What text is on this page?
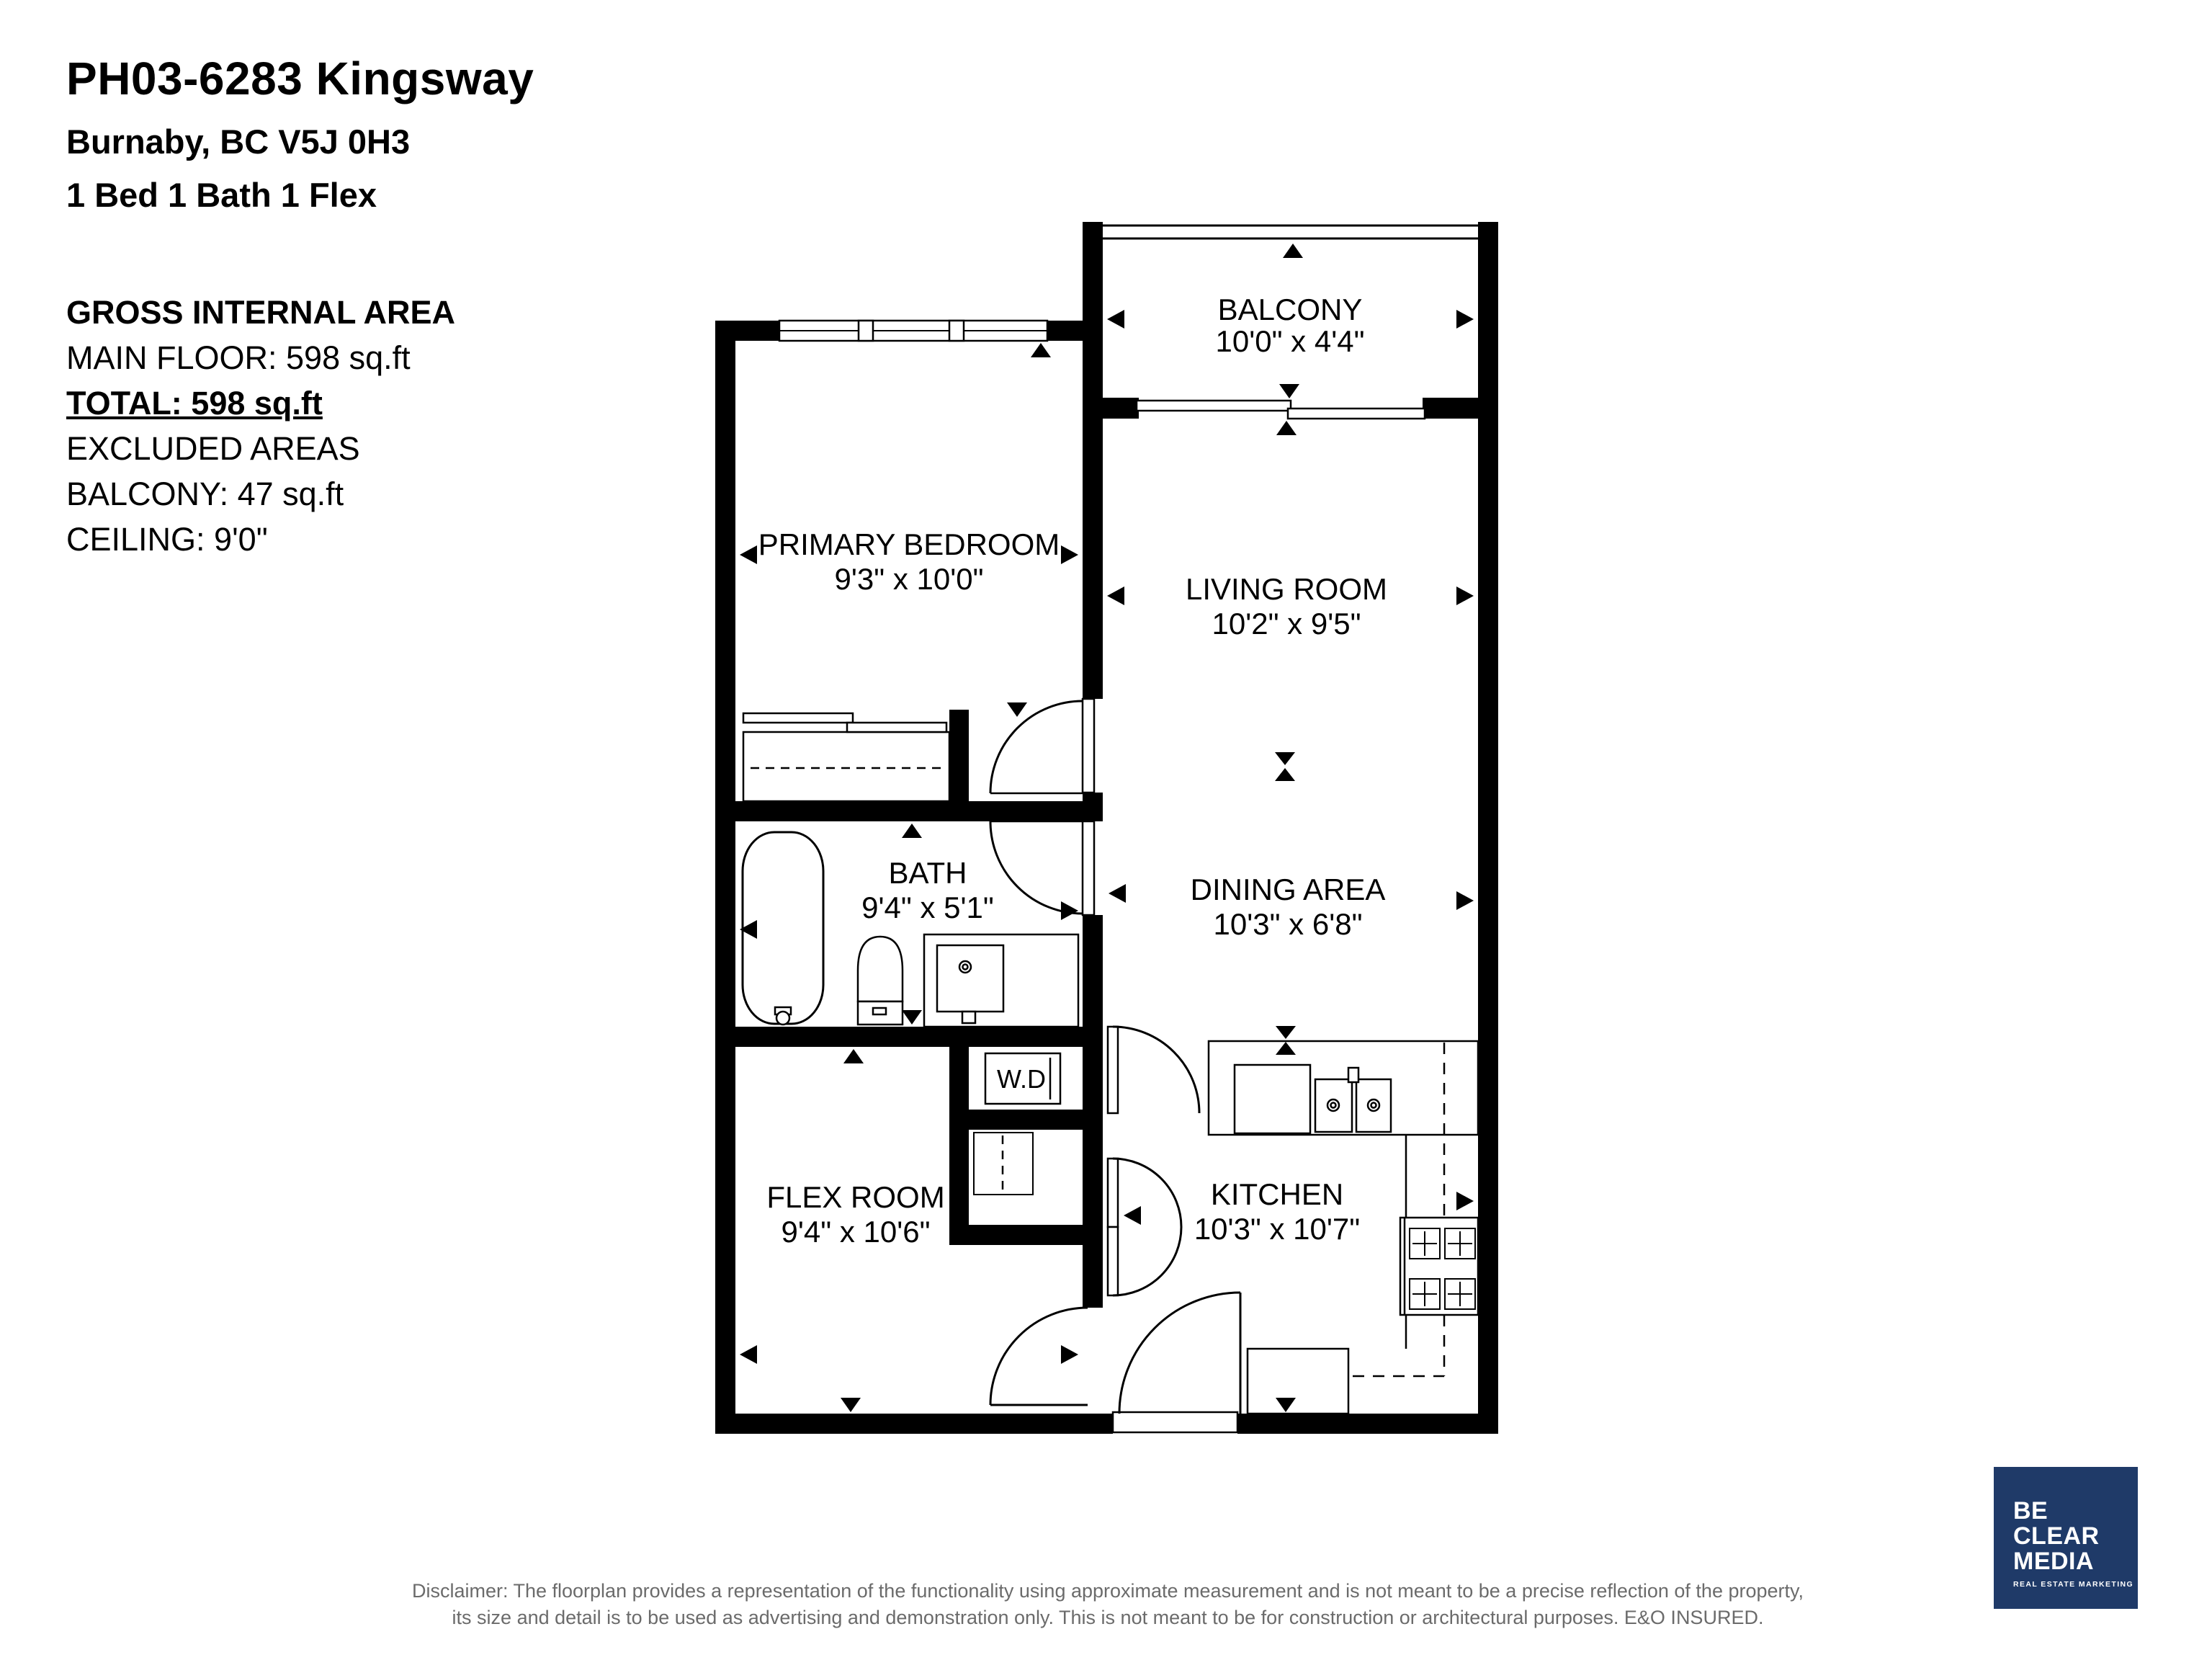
PH03-6283 Kingsway

Burnaby, BC V5J 0H3

1 Bed 1 Bath 1 Flex

GROSS INTERNAL AREA
MAIN FLOOR: 598 sq.ft
TOTAL: 598 sq.ft
EXCLUDED AREAS
BALCONY: 47 sq.ft
CEILING: 9'0"
BALCONY
10'0" x 4'4"
PRIMARY BEDROOM
9'3" x 10'0"	LIVING ROOM
10'2" x 9'5"
BATH
9'4" x 5'1"
DINING AREA
10'3" x 6'8"
FLEX ROOM
9'4" x 10'6"
W.D
KITCHEN
10'3" x 10'7"
Disclaimer: The floorplan provides a representation of the functionality using approximate measurement and is not meant to be a precise reflection of the property,
its size and detail is to be used as advertising and demonstration only. This is not meant to be for construction or architectural purposes. E&O INSURED.
BE
CLEAR
MEDIA
REAL ESTATE MARKETING
